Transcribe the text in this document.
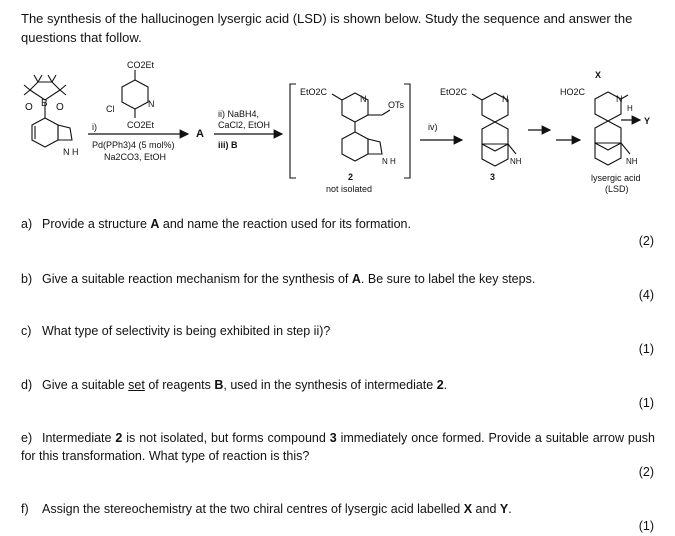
The synthesis of the hallucinogen lysergic acid (LSD) is shown below. Study the sequence and answer the questions that follow.
O B O
N H
CO2Et
Cl	N
CO2Et
i)
Pd(PPh3)4 (5 mol%)
Na2CO3, EtOH
A
ii) NaBH4,
CaCl2, EtOH
iii) B
EtO2C
N
OTs
N H
2
not isolated
iv)
EtO2C
N
NH
3
HO2C
N
H
X
Y
NH
lysergic acid
(LSD)
a) Provide a structure A and name the reaction used for its formation.
(2)
b) Give a suitable reaction mechanism for the synthesis of A. Be sure to label the key steps.
(4)
c) What type of selectivity is being exhibited in step ii)?
(1)
d) Give a suitable set of reagents B, used in the synthesis of intermediate 2.
(1)
e) Intermediate 2 is not isolated, but forms compound 3 immediately once formed. Provide a suitable arrow push for this transformation. What type of reaction is this?
(2)
f) Assign the stereochemistry at the two chiral centres of lysergic acid labelled X and Y.
(1)
